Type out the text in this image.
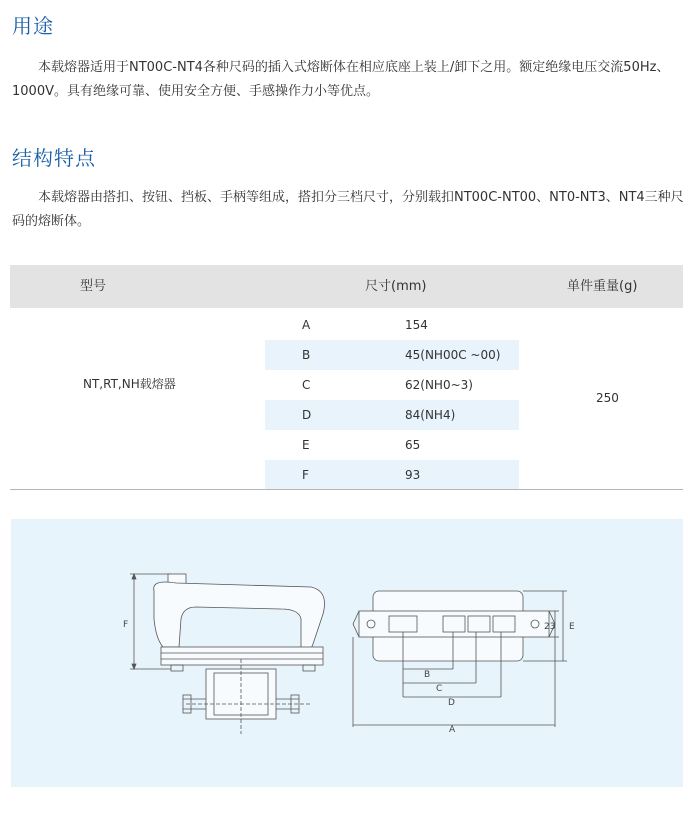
用途

本载熔器适用于NT00C-NT4各种尺码的插入式熔断体在相应底座上装上/卸下之用。额定绝缘电压交流50Hz、1000V。具有绝缘可靠、使用安全方便、手感操作力小等优点。

结构特点

本载熔器由搭扣、按钮、挡板、手柄等组成，搭扣分三档尺寸，分别载扣NT00C-NT00、NT0-NT3、NT4三种尺码的熔断体。

型号	尺寸(mm)	单件重量(g)
NT,RT,NH载熔器
250
A	154
B	45(NH00C ~00)
C	62(NH0~3)
D	84(NH4)
E	65
F	93
F
B
C
D
A
E
23
